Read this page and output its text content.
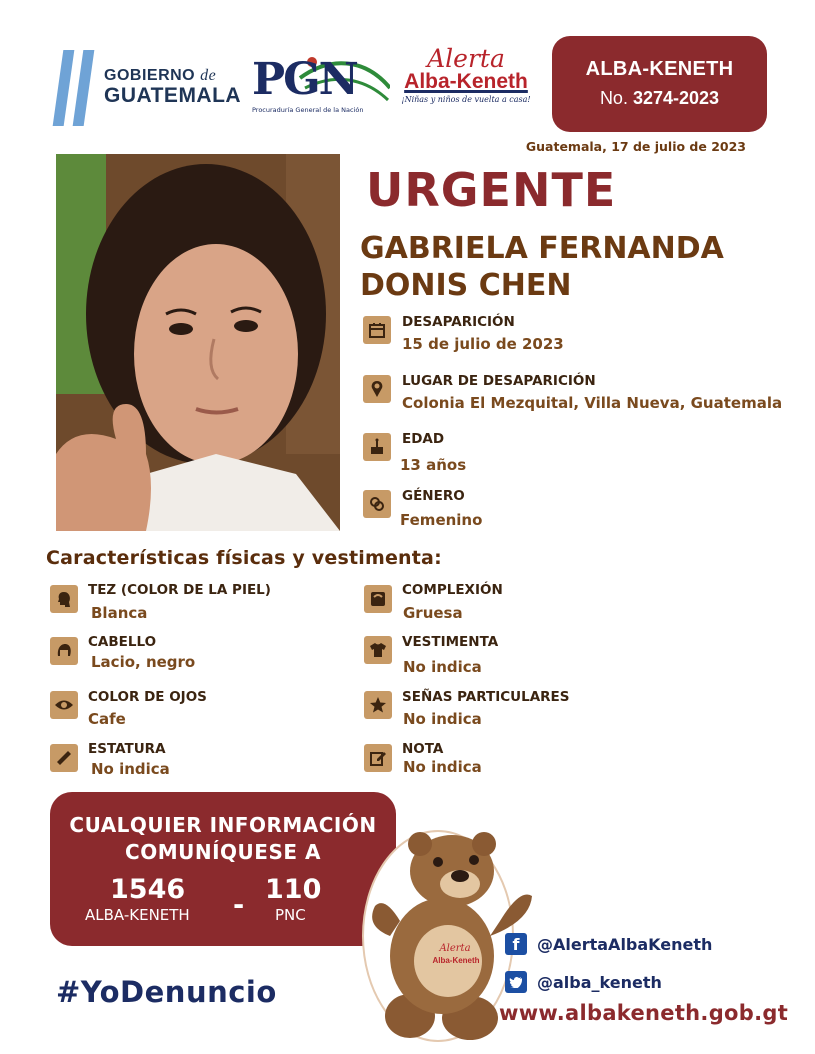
GOBIERNO de
GUATEMALA PGN
Procuraduría General de la Nación
Alerta
Alba-Keneth
¡Niñas y niños de vuelta a casa!
ALBA-KENETH
No. 3274-2023
Guatemala, 17 de julio de 2023
URGENTE
GABRIELA FERNANDA
DONIS CHEN
DESAPARICIÓN
15 de julio de 2023
LUGAR DE DESAPARICIÓN
Colonia El Mezquital, Villa Nueva, Guatemala
EDAD
13 años
GÉNERO
Femenino
Características físicas y vestimenta:
TEZ (COLOR DE LA PIEL)
Blanca
CABELLO
Lacio, negro
COLOR DE OJOS
Cafe
ESTATURA
No indica
COMPLEXIÓN
Gruesa
VESTIMENTA
No indica
SEÑAS PARTICULARES
No indica
NOTA
No indica
CUALQUIER INFORMACIÓN
COMUNÍQUESE A
1546
ALBA-KENETH -
110
PNC
Alerta
Alba-Keneth
#YoDenuncio
f	@AlertaAlbaKeneth
@alba_keneth
www.albakeneth.gob.gt
